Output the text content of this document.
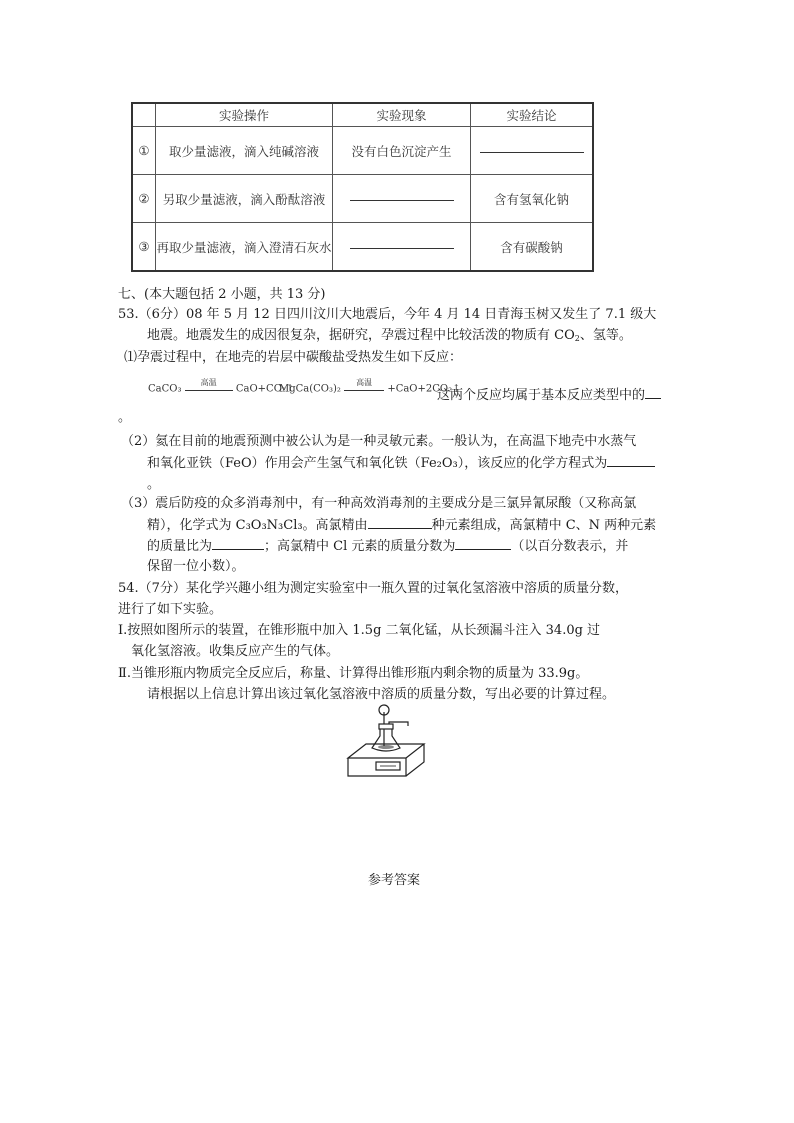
	实验操作	实验现象	实验结论
①	取少量滤液，滴入纯碱溶液	没有白色沉淀产生	
②	另取少量滤液，滴入酚酞溶液		含有氢氧化钠
③	再取少量滤液，滴入澄清石灰水		含有碳酸钠
七、(本大题包括 2 小题，共 13 分)
53.（6分）08 年 5 月 12 日四川汶川大地震后，今年 4 月 14 日青海玉树又发生了 7.1 级大
地震。地震发生的成因很复杂，据研究，孕震过程中比较活泼的物质有 $CO_2$、氢等。
⑴孕震过程中，在地壳的岩层中碳酸盐受热发生如下反应：
CaCO₃
高温
CaO+CO₂↑
MgCa(CO₃)₂
高温
+CaO+2CO₂↑
这两个反应均属于基本反应类型中的
。
（2）氦在目前的地震预测中被公认为是一种灵敏元素。一般认为，在高温下地壳中水蒸气
和氧化亚铁（FeO）作用会产生氢气和氧化铁（Fe₂O₃），该反应的化学方程式为
。
（3）震后防疫的众多消毒剂中，有一种高效消毒剂的主要成分是三氯异氰尿酸（又称高氯
精），化学式为 C₃O₃N₃Cl₃。高氯精由	种元素组成，高氯精中 C、N 两种元素
的质量比为	；高氯精中 Cl 元素的质量分数为	（以百分数表示，并
保留一位小数）。
54.（7分）某化学兴趣小组为测定实验室中一瓶久置的过氧化氢溶液中溶质的质量分数，
进行了如下实验。
Ⅰ.按照如图所示的装置，在锥形瓶中加入 1.5g 二氧化锰，从长颈漏斗注入 34.0g 过
氧化氢溶液。收集反应产生的气体。
Ⅱ.当锥形瓶内物质完全反应后，称量、计算得出锥形瓶内剩余物的质量为 33.9g。
请根据以上信息计算出该过氧化氢溶液中溶质的质量分数，写出必要的计算过程。
参考答案
